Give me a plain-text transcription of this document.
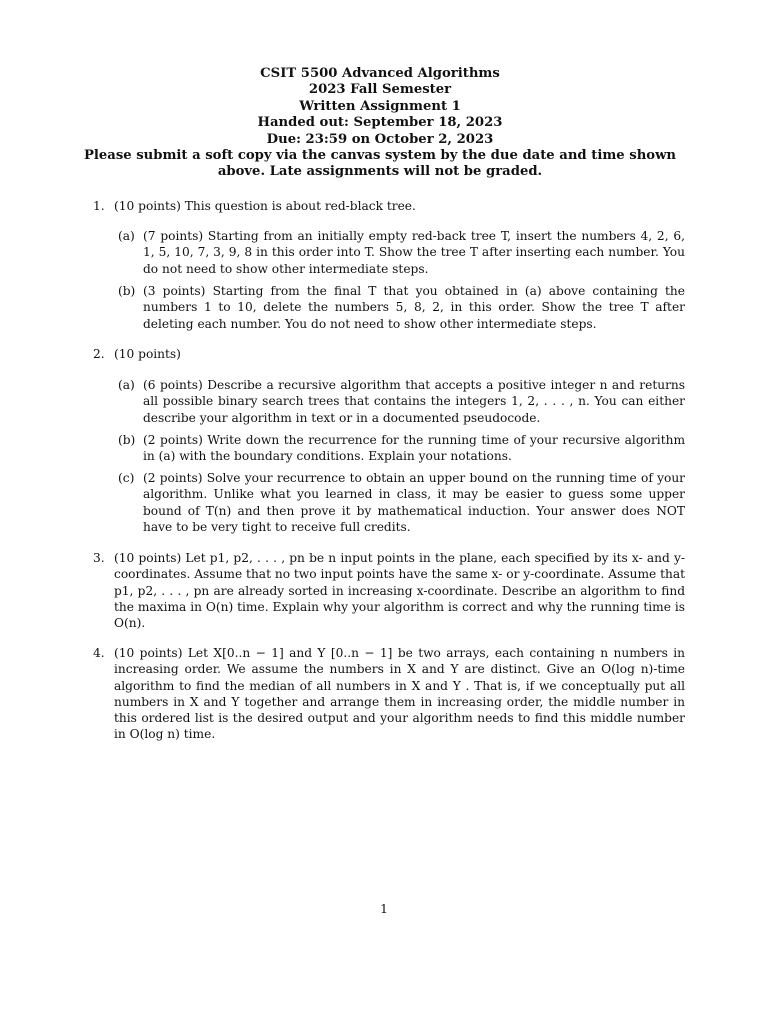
CSIT 5500 Advanced Algorithms
2023 Fall Semester
Written Assignment 1
Handed out: September 18, 2023
Due: 23:59 on October 2, 2023
Please submit a soft copy via the canvas system by the due date and time shown above. Late assignments will not be graded.
1. (10 points) This question is about red-black tree.
(a) (7 points) Starting from an initially empty red-back tree T, insert the numbers 4, 2, 6, 1, 5, 10, 7, 3, 9, 8 in this order into T. Show the tree T after inserting each number. You do not need to show other intermediate steps.
(b) (3 points) Starting from the final T that you obtained in (a) above containing the numbers 1 to 10, delete the numbers 5, 8, 2, in this order. Show the tree T after deleting each number. You do not need to show other intermediate steps.
2. (10 points)
(a) (6 points) Describe a recursive algorithm that accepts a positive integer n and returns all possible binary search trees that contains the integers 1, 2, . . . , n. You can either describe your algorithm in text or in a documented pseudocode.
(b) (2 points) Write down the recurrence for the running time of your recursive algorithm in (a) with the boundary conditions. Explain your notations.
(c) (2 points) Solve your recurrence to obtain an upper bound on the running time of your algorithm. Unlike what you learned in class, it may be easier to guess some upper bound of T(n) and then prove it by mathematical induction. Your answer does NOT have to be very tight to receive full credits.
3. (10 points) Let p1, p2, . . . , pn be n input points in the plane, each specified by its x- and y-coordinates. Assume that no two input points have the same x- or y-coordinate. Assume that p1, p2, . . . , pn are already sorted in increasing x-coordinate. Describe an algorithm to find the maxima in O(n) time. Explain why your algorithm is correct and why the running time is O(n).
4. (10 points) Let X[0..n − 1] and Y [0..n − 1] be two arrays, each containing n numbers in increasing order. We assume the numbers in X and Y are distinct. Give an O(log n)-time algorithm to find the median of all numbers in X and Y . That is, if we conceptually put all numbers in X and Y together and arrange them in increasing order, the middle number in this ordered list is the desired output and your algorithm needs to find this middle number in O(log n) time.
1
